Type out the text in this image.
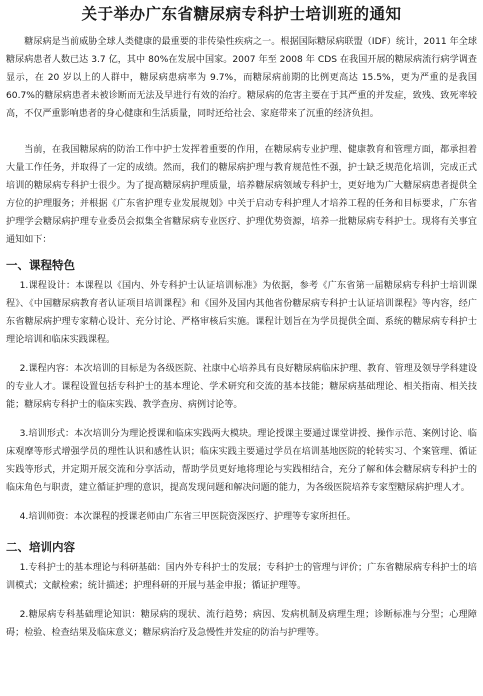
关于举办广东省糖尿病专科护士培训班的通知

糖尿病是当前威胁全球人类健康的最重要的非传染性疾病之一。根据国际糖尿病联盟（IDF）统计，2011 年全球糖尿病患者人数已达 3.7 亿，其中 80%在发展中国家。2007 年至 2008 年 CDS 在我国开展的糖尿病流行病学调查显示，在 20 岁以上的人群中，糖尿病患病率为 9.7%，而糖尿病前期的比例更高达 15.5%，更为严重的是我国 60.7%的糖尿病患者未被诊断而无法及早进行有效的治疗。糖尿病的危害主要在于其严重的并发症，致残、致死率较高，不仅严重影响患者的身心健康和生活质量，同时还给社会、家庭带来了沉重的经济负担。

当前，在我国糖尿病的防治工作中护士发挥着重要的作用，在糖尿病专业护理、健康教育和管理方面，都承担着大量工作任务，并取得了一定的成绩。然而，我们的糖尿病护理与教育规范性不强，护士缺乏规范化培训，完成正式培训的糖尿病专科护士很少。为了提高糖尿病护理质量，培养糖尿病领域专科护士，更好地为广大糖尿病患者提供全方位的护理服务；并根据《广东省护理专业发展规划》中关于启动专科护理人才培养工程的任务和目标要求，广东省护理学会糖尿病护理专业委员会拟集全省糖尿病专业医疗、护理优势资源，培养一批糖尿病专科护士。现将有关事宜通知如下：

一、课程特色

1.课程设计：本课程以《国内、外专科护士认证培训标准》为依据，参考《广东省第一届糖尿病专科护士培训课程》、《中国糖尿病教育者认证项目培训课程》和《国外及国内其他省份糖尿病专科护士认证培训课程》等内容，经广东省糖尿病护理专家精心设计、充分讨论、严格审核后实施。课程计划旨在为学员提供全面、系统的糖尿病专科护士理论培训和临床实践课程。

2.课程内容：本次培训的目标是为各级医院、社康中心培养具有良好糖尿病临床护理、教育、管理及领导学科建设的专业人才。课程设置包括专科护士的基本理论、学术研究和交流的基本技能；糖尿病基础理论、相关指南、相关技能；糖尿病专科护士的临床实践、教学查房、病例讨论等。

3.培训形式：本次培训分为理论授课和临床实践两大模块。理论授课主要通过课堂讲授、操作示范、案例讨论、临床观摩等形式增强学员的理性认识和感性认识；临床实践主要通过学员在培训基地医院的轮转实习、个案管理、循证实践等形式，并定期开展交流和分享活动，帮助学员更好地将理论与实践相结合，充分了解和体会糖尿病专科护士的临床角色与职责，建立循证护理的意识，提高发现问题和解决问题的能力，为各级医院培养专家型糖尿病护理人才。

4.培训师资：本次课程的授课老师由广东省三甲医院资深医疗、护理等专家所担任。

二、培训内容

1.专科护士的基本理论与科研基础：国内外专科护士的发展；专科护士的管理与评价；广东省糖尿病专科护士的培训模式；文献检索；统计描述；护理科研的开展与基金申报；循证护理等。

2.糖尿病专科基础理论知识：糖尿病的现状、流行趋势；病因、发病机制及病理生理；诊断标准与分型；心理障碍；检验、检查结果及临床意义；糖尿病治疗及急慢性并发症的防治与护理等。
